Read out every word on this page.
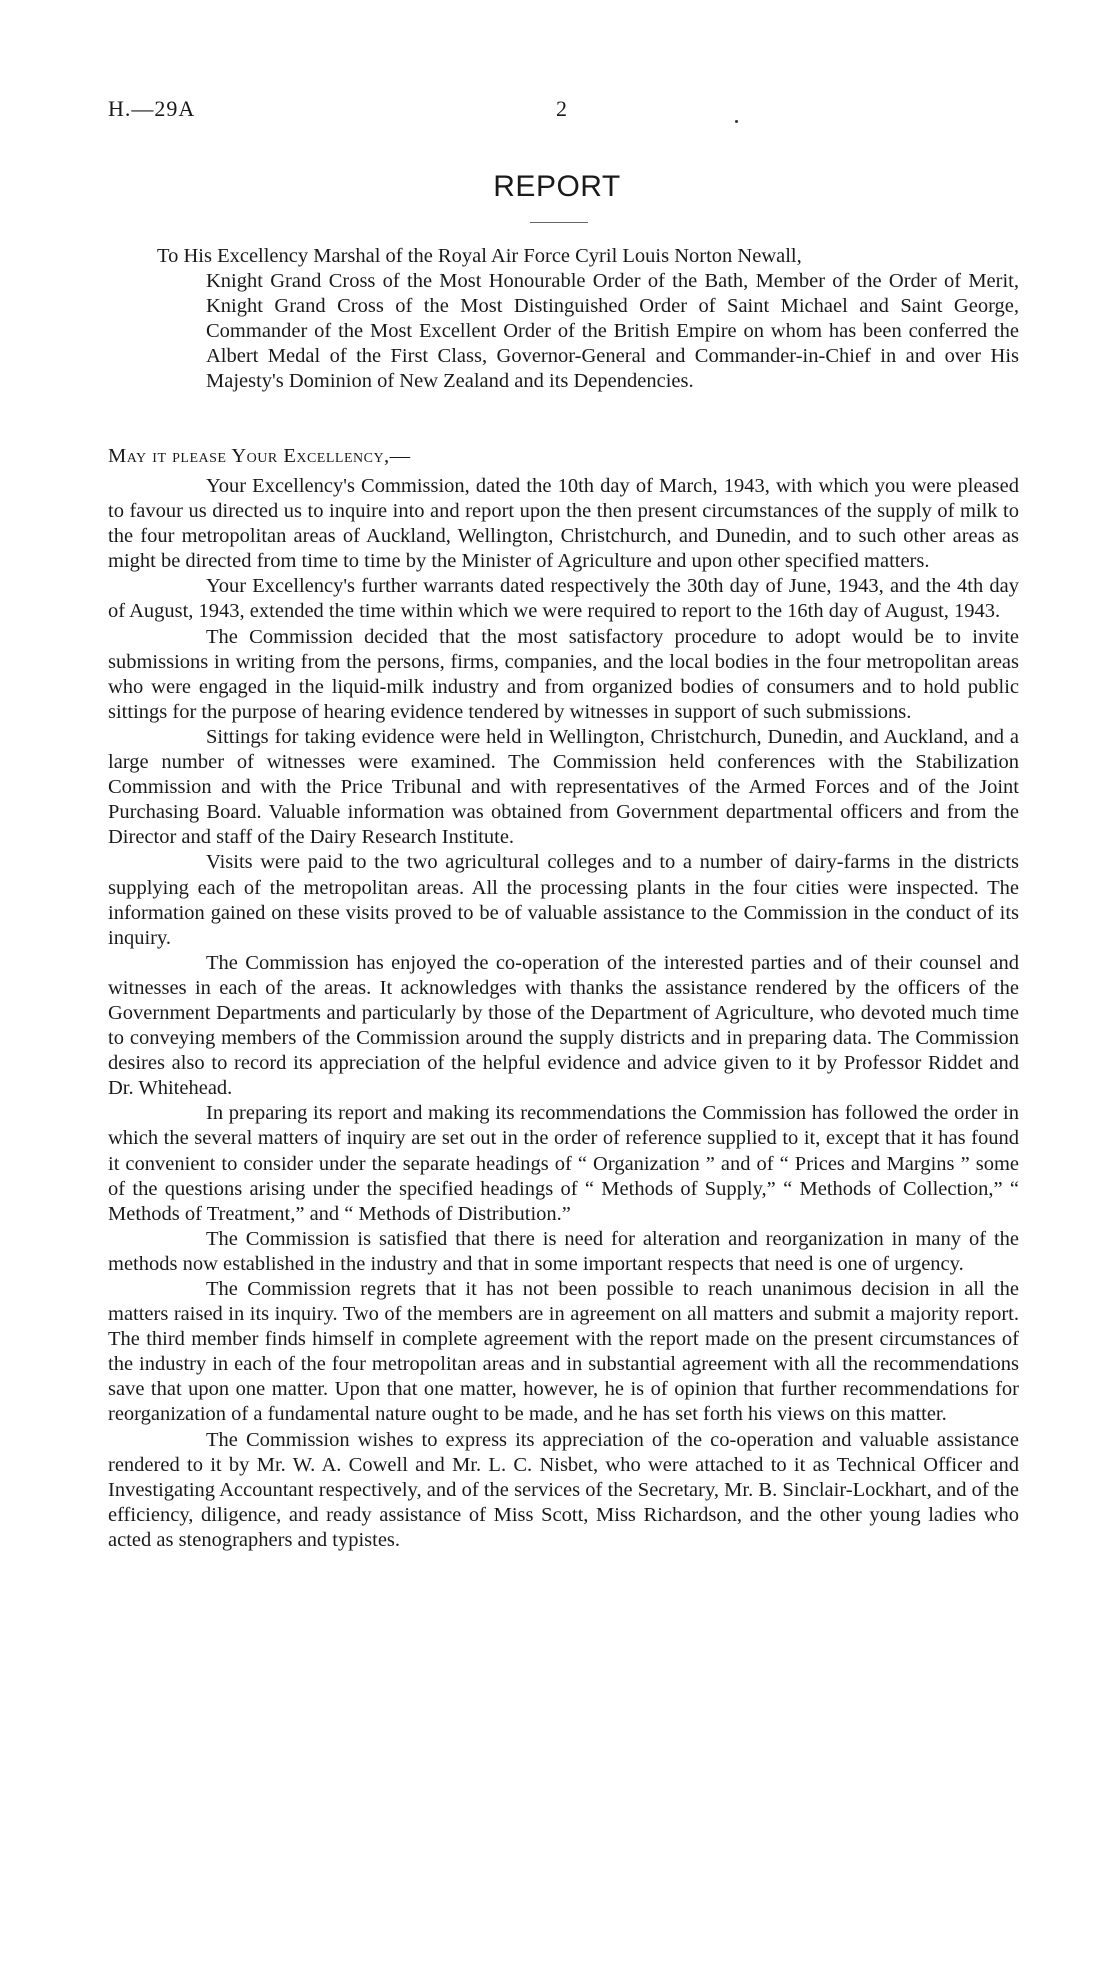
H.—29A	2
REPORT

To His Excellency Marshal of the Royal Air Force Cyril Louis Norton Newall,

Knight Grand Cross of the Most Honourable Order of the Bath, Member of the Order of Merit, Knight Grand Cross of the Most Distinguished Order of Saint Michael and Saint George, Commander of the Most Excellent Order of the British Empire on whom has been conferred the Albert Medal of the First Class, Governor-General and Commander-in-Chief in and over His Majesty's Dominion of New Zealand and its Dependencies.

May it please Your Excellency,—

Your Excellency's Commission, dated the 10th day of March, 1943, with which you were pleased to favour us directed us to inquire into and report upon the then present circumstances of the supply of milk to the four metropolitan areas of Auckland, Wellington, Christchurch, and Dunedin, and to such other areas as might be directed from time to time by the Minister of Agriculture and upon other specified matters.

Your Excellency's further warrants dated respectively the 30th day of June, 1943, and the 4th day of August, 1943, extended the time within which we were required to report to the 16th day of August, 1943.

The Commission decided that the most satisfactory procedure to adopt would be to invite submissions in writing from the persons, firms, companies, and the local bodies in the four metropolitan areas who were engaged in the liquid-milk industry and from organized bodies of consumers and to hold public sittings for the purpose of hearing evidence tendered by witnesses in support of such submissions.

Sittings for taking evidence were held in Wellington, Christchurch, Dunedin, and Auckland, and a large number of witnesses were examined. The Commission held conferences with the Stabilization Commission and with the Price Tribunal and with representatives of the Armed Forces and of the Joint Purchasing Board. Valuable information was obtained from Government departmental officers and from the Director and staff of the Dairy Research Institute.

Visits were paid to the two agricultural colleges and to a number of dairy-farms in the districts supplying each of the metropolitan areas. All the processing plants in the four cities were inspected. The information gained on these visits proved to be of valuable assistance to the Commission in the conduct of its inquiry.

The Commission has enjoyed the co-operation of the interested parties and of their counsel and witnesses in each of the areas. It acknowledges with thanks the assistance rendered by the officers of the Government Departments and particularly by those of the Department of Agriculture, who devoted much time to conveying members of the Commission around the supply districts and in preparing data. The Commission desires also to record its appreciation of the helpful evidence and advice given to it by Professor Riddet and Dr. Whitehead.

In preparing its report and making its recommendations the Commission has followed the order in which the several matters of inquiry are set out in the order of reference supplied to it, except that it has found it convenient to consider under the separate headings of “ Organization ” and of “ Prices and Margins ” some of the questions arising under the specified headings of “ Methods of Supply,” “ Methods of Collection,” “ Methods of Treatment,” and “ Methods of Distribution.”

The Commission is satisfied that there is need for alteration and reorganization in many of the methods now established in the industry and that in some important respects that need is one of urgency.

The Commission regrets that it has not been possible to reach unanimous decision in all the matters raised in its inquiry. Two of the members are in agreement on all matters and submit a majority report. The third member finds himself in complete agreement with the report made on the present circumstances of the industry in each of the four metropolitan areas and in substantial agreement with all the recommendations save that upon one matter. Upon that one matter, however, he is of opinion that further recommendations for reorganization of a fundamental nature ought to be made, and he has set forth his views on this matter.

The Commission wishes to express its appreciation of the co-operation and valuable assistance rendered to it by Mr. W. A. Cowell and Mr. L. C. Nisbet, who were attached to it as Technical Officer and Investigating Accountant respectively, and of the services of the Secretary, Mr. B. Sinclair-Lockhart, and of the efficiency, diligence, and ready assistance of Miss Scott, Miss Richardson, and the other young ladies who acted as stenographers and typistes.
